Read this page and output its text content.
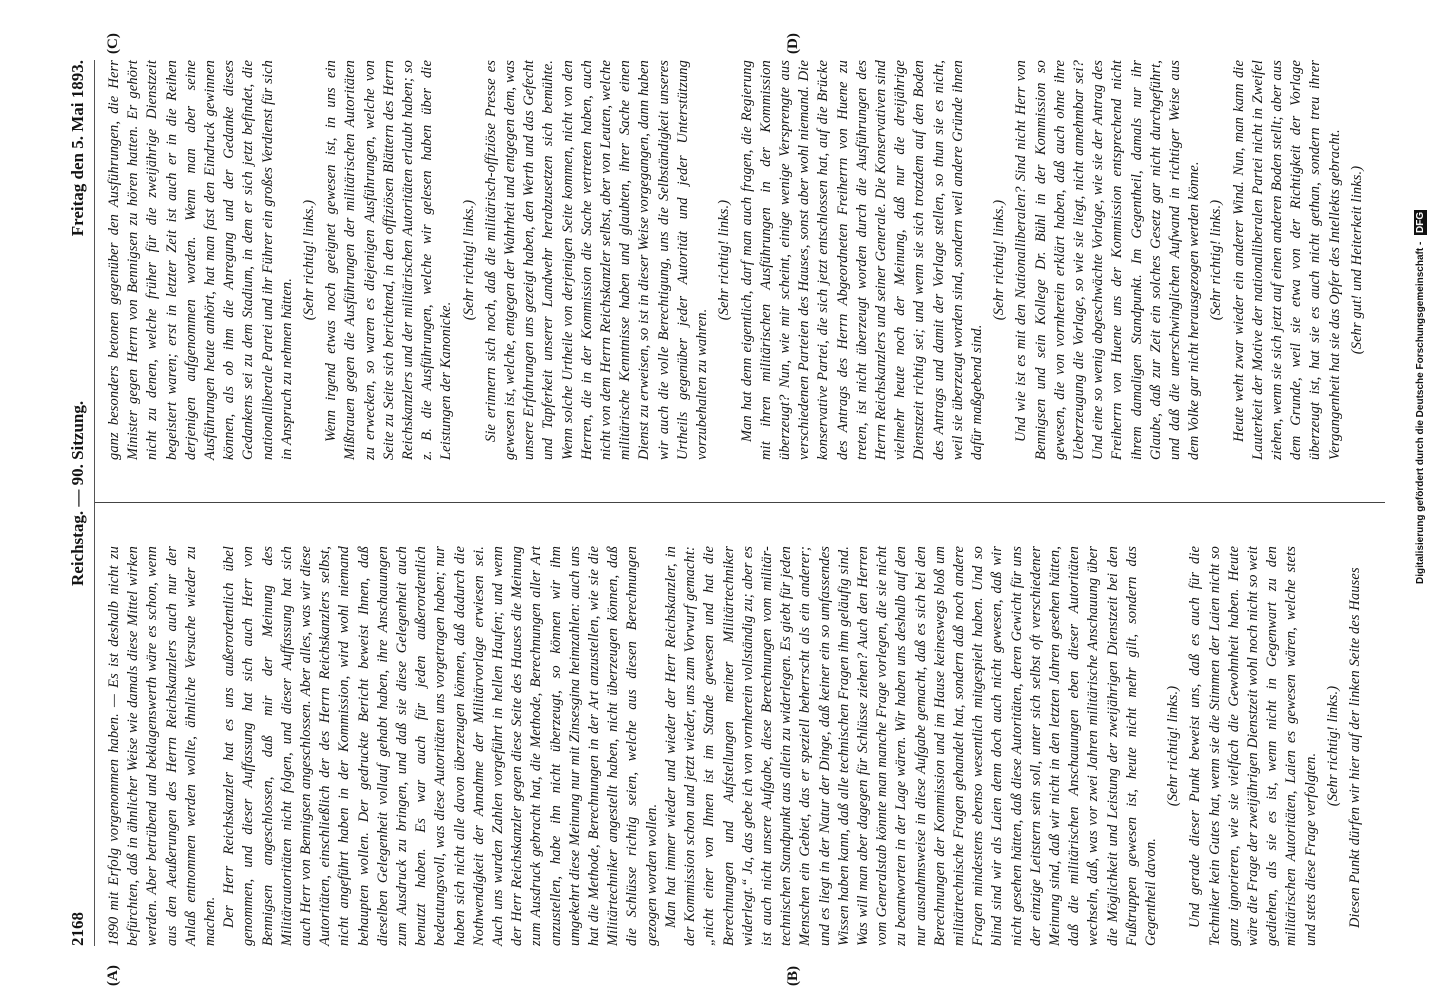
2168
Reichstag. — 90. Sitzung.
Freitag den 5. Mai 1893.
(A)	(B)
(C)	(D)

1890 mit Erfolg vorgenommen haben. — Es ist deshalb nicht zu befürchten, daß in ähnlicher Weise wie damals diese Mittel wirken werden. Aber betrübend und beklagenswerth wäre es schon, wenn aus den Aeußerungen des Herrn Reichskanzlers auch nur der Anlaß entnommen werden wollte, ähnliche Versuche wieder zu machen. Der Herr Reichskanzler hat es uns außerordentlich übel genommen, und dieser Auffassung hat sich auch Herr von Bennigsen angeschlossen, daß mir der Meinung des Militärautoritäten nicht folgen, und dieser Auffassung hat sich auch Herr von Bennigsen angeschlossen. Aber alles, was wir diese Autoritäten, einschließlich der des Herrn Reichskanzlers selbst, nicht angeführt haben in der Kommission, wird wohl niemand behaupten wollen. Der gedruckte Bericht beweist Ihnen, daß dieselben Gelegenheit vollauf gehabt haben, ihre Anschauungen zum Ausdruck zu bringen, und daß sie diese Gelegenheit auch benutzt haben. Es war auch für jeden außerordentlich bedeutungsvoll, was diese Autoritäten uns vorgetragen haben; nur haben sich nicht alle davon überzeugen können, daß dadurch die Nothwendigkeit der Annahme der Militärvorlage erwiesen sei. Auch uns wurden Zahlen vorgeführt in hellen Haufen; und wenn der Herr Reichskanzler gegen diese Seite des Hauses die Meinung zum Ausdruck gebracht hat, die Methode, Berechnungen aller Art anzustellen, habe ihn nicht überzeugt, so können wir ihm umgekehrt diese Meinung nur mit Zinsesgina heimzahlen: auch uns hat die Methode, Berechnungen in der Art anzustellen, wie sie die Militärtechniker angestellt haben, nicht überzeugen können, daß die Schlüsse richtig seien, welche aus diesen Berechnungen gezogen worden wollen. Man hat immer wieder und wieder der Herr Reichskanzler, in der Kommission schon und jetzt wieder, uns zum Vorwurf gemacht: „nicht einer von Ihnen ist im Stande gewesen und hat die Berechnungen und Aufstellungen meiner Militärtechniker widerlegt.“ Ja, das gebe ich von vornherein vollständig zu; aber es ist auch nicht unsere Aufgabe, diese Berechnungen vom militär-technischen Standpunkt aus allein zu widerlegen. Es giebt für jeden Menschen ein Gebiet, das er speziell beherrscht als ein anderer; und es liegt in der Natur der Dinge, daß keiner ein so umfassendes Wissen haben kann, daß alle technischen Fragen ihm geläufig sind. Was will man aber dagegen für Schlüsse ziehen? Auch den Herren vom Generalstab könnte man manche Frage vorlegen, die sie nicht zu beantworten in der Lage wären. Wir haben uns deshalb auf den nur ausnahmsweise in diese Aufgabe gemacht, daß es sich bei den Berechnungen der Kommission und im Hause keineswegs bloß um militärtechnische Fragen gehandelt hat, sondern daß noch andere Fragen mindestens ebenso wesentlich mitgespielt haben. Und so blind sind wir als Laien denn doch auch nicht gewesen, daß wir nicht gesehen hätten, daß diese Autoritäten, deren Gewicht für uns der einzige Leitstern sein soll, unter sich selbst oft verschiedener Meinung sind, daß wir nicht in den letzten Jahren gesehen hätten, daß die militärischen Anschauungen eben dieser Autoritäten wechseln, daß, was vor zwei Jahren militärische Anschauung über die Möglichkeit und Leistung der zweijährigen Dienstzeit bei den Fußtruppen gewesen ist, heute nicht mehr gilt, sondern das Gegentheil davon.

(Sehr richtig! links.) Und gerade dieser Punkt beweist uns, daß es auch für die Techniker kein Gutes hat, wenn sie die Stimmen der Laien nicht so ganz ignorieren, wie sie vielfach die Gewohnheit haben. Heute wäre die Frage der zweijährigen Dienstzeit wohl noch nicht so weit gediehen, als sie es ist, wenn nicht in Gegenwart zu den militärischen Autoritäten, Laien es gewesen wären, welche stets und stets diese Frage verfolgten.

(Sehr richtig! links.) Diesen Punkt dürfen wir hier auf der linken Seite des Hauses

ganz besonders betonen gegenüber den Ausführungen, die Herr Minister gegen Herrn von Bennigsen zu hören hatten. Er gehört nicht zu denen, welche früher für die zweijährige Dienstzeit begeistert waren; erst in letzter Zeit ist auch er in die Reihen derjenigen aufgenommen worden. Wenn man aber seine Ausführungen heute anhört, hat man fast den Eindruck gewinnen können, als ob ihm die Anregung und der Gedanke dieses Gedankens sei zu dem Stadium, in dem er sich jetzt befindet, die nationalliberale Partei und ihr Führer ein großes Verdienst für sich in Anspruch zu nehmen hätten.

(Sehr richtig! links.) Wenn irgend etwas noch geeignet gewesen ist, in uns ein Mißtrauen gegen die Ausführungen der militärischen Autoritäten zu erwecken, so waren es diejenigen Ausführungen, welche von Seite zu Seite sich berichtend, in den offiziösen Blättern des Herrn Reichskanzlers und der militärischen Autoritäten erlaubt haben; so z. B. die Ausführungen, welche wir gelesen haben über die Leistungen der Kanonicke.

(Sehr richtig! links.) Sie erinnern sich noch, daß die militärisch-offiziöse Presse es gewesen ist, welche, entgegen der Wahrheit und entgegen dem, was unsere Erfahrungen uns gezeigt haben, den Werth und das Gefecht und Tapferkeit unserer Landwehr herabzusetzen sich bemühte. Wenn solche Urtheile von derjenigen Seite kommen, nicht von den Herren, die in der Kommission die Sache vertreten haben, auch nicht von dem Herrn Reichskanzler selbst, aber von Leuten, welche militärische Kenntnisse haben und glaubten, ihrer Sache einen Dienst zu erweisen, so ist in dieser Weise vorgegangen, dann haben wir auch die volle Berechtigung, uns die Selbständigkeit unseres Urtheils gegenüber jeder Autorität und jeder Unterstützung vorzubehalten zu wahren.

(Sehr richtig! links.) Man hat denn eigentlich, darf man auch fragen, die Regierung mit ihren militärischen Ausführungen in der Kommission überzeugt? Nun, wie mir scheint, einige wenige Versprengte aus verschiedenen Parteien des Hauses, sonst aber wohl niemand. Die konservative Partei, die sich jetzt entschlossen hat, auf die Brücke des Antrags des Herrn Abgeordneten Freiherrn von Huene zu treten, ist nicht überzeugt worden durch die Ausführungen des Herrn Reichskanzlers und seiner Generale. Die Konservativen sind vielmehr heute noch der Meinung, daß nur die dreijährige Dienstzeit richtig sei; und wenn sie sich trotzdem auf den Boden des Antrags und damit der Vorlage stellen, so thun sie es nicht, weil sie überzeugt worden sind, sondern weil andere Gründe ihnen dafür maßgebend sind.

(Sehr richtig! links.) Und wie ist es mit den Nationalliberalen? Sind nicht Herr von Bennigsen und sein Kollege Dr. Bühl in der Kommission so gewesen, die von vornherein erklärt haben, daß auch ohne ihre Ueberzeugung die Vorlage, so wie sie liegt, nicht annehmbar sei? Und eine so wenig abgeschwächte Vorlage, wie sie der Antrag des Freiherrn von Huene uns der Kommission entsprechend nicht ihrem damaligen Standpunkt. Im Gegentheil, damals nur ihr Glaube, daß zur Zeit ein solches Gesetz gar nicht durchgeführt, und daß die unerschwinglichen Aufwand in richtiger Weise aus dem Volke gar nicht herausgezogen werden könne. (Sehr richtig! links.) Heute weht zwar wieder ein anderer Wind. Nun, man kann die Lauterkeit der Motive der nationalliberalen Partei nicht in Zweifel ziehen, wenn sie sich jetzt auf einen anderen Boden stellt; aber aus dem Grunde, weil sie etwa von der Richtigkeit der Vorlage überzeugt ist, hat sie es auch nicht gethan, sondern treu ihrer Vergangenheit hat sie das Opfer des Intellekts gebracht. (Sehr gut! und Heiterkeit links.)	Digitalisierung gefördert durch die Deutsche Forschungsgemeinschaft - DFG
